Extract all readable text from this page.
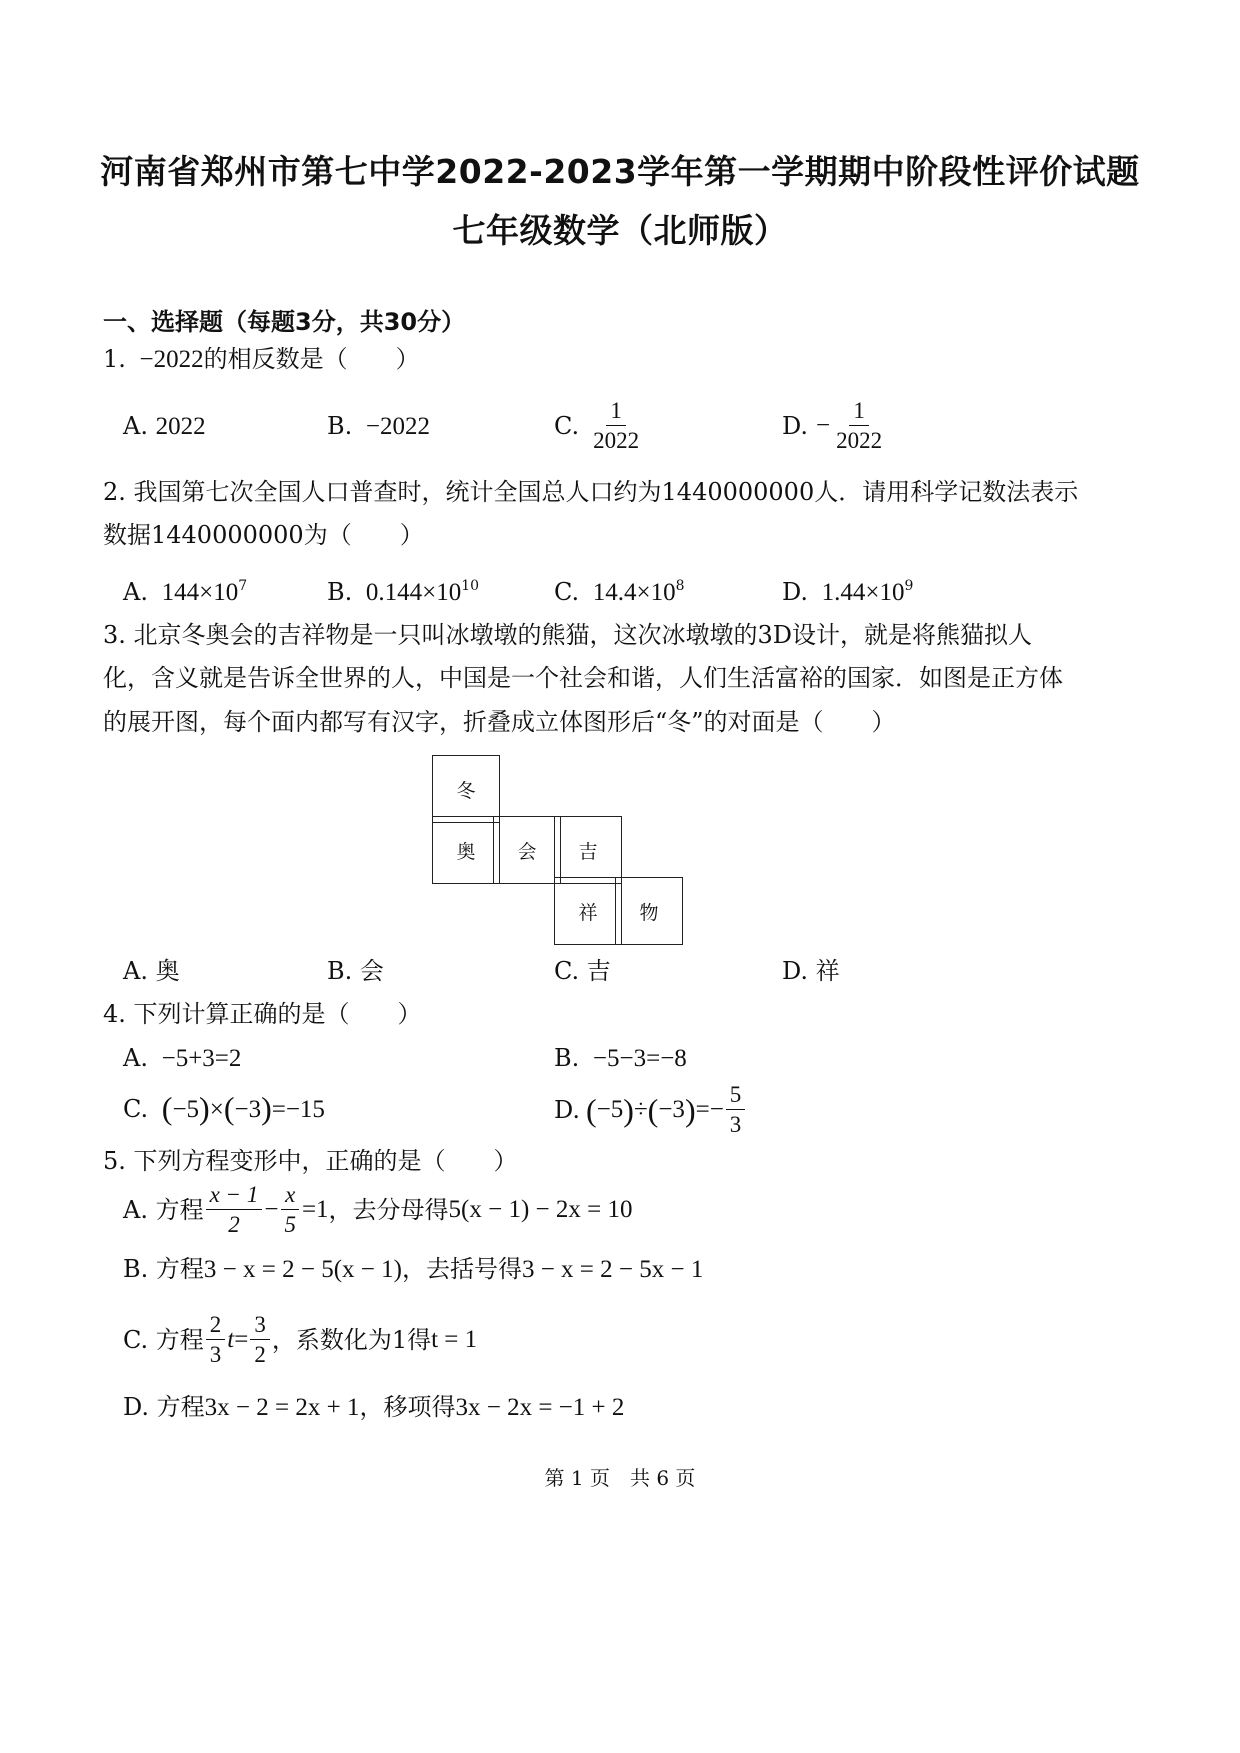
河南省郑州市第七中学2022-2023学年第一学期期中阶段性评价试题
七年级数学（北师版）
一、选择题（每题3分，共30分）
1. −2022的相反数是（　　）
A. 2022	B. −2022	C. $\frac{1}{2022}$	D. − $\frac{1}{2022}$
2. 我国第七次全国人口普查时，统计全国总人口约为1440000000人．请用科学记数法表示
数据1440000000为（　　）
A. $144\times 10^7$	B. $0.144\times 10^{10}$	C. $14.4\times 10^8$	D. $1.44\times 10^9$
3. 北京冬奥会的吉祥物是一只叫冰墩墩的熊猫，这次冰墩墩的3D设计，就是将熊猫拟人
化，含义就是告诉全世界的人，中国是一个社会和谐，人们生活富裕的国家．如图是正方体
的展开图，每个面内都写有汉字，折叠成立体图形后“冬”的对面是（　　）
冬
奥	会	吉
祥	物
A. 奥	B. 会	C. 吉	D. 祥
4. 下列计算正确的是（　　）
A. −5+3=2	B. −5−3=−8
C. (−5)×(−3)=−15	D. ( −5 ) ÷ ( −3 ) =− $\frac{5}{3}$
5. 下列方程变形中，正确的是（　　）
A. 方程 $\frac{x - 1}{2} - \frac{x}{5} =1$ ，去分母得 5(x − 1) − 2x = 10
B. 方程3 − x = 2 − 5(x − 1)，去括号得3 − x = 2 − 5x − 1
C. 方程 $\frac{2}{3}$ $t = \frac{3}{2}$ ，系数化为1得 t = 1
D. 方程3x − 2 = 2x + 1，移项得3x − 2x = −1 + 2
第 1 页　共 6 页
